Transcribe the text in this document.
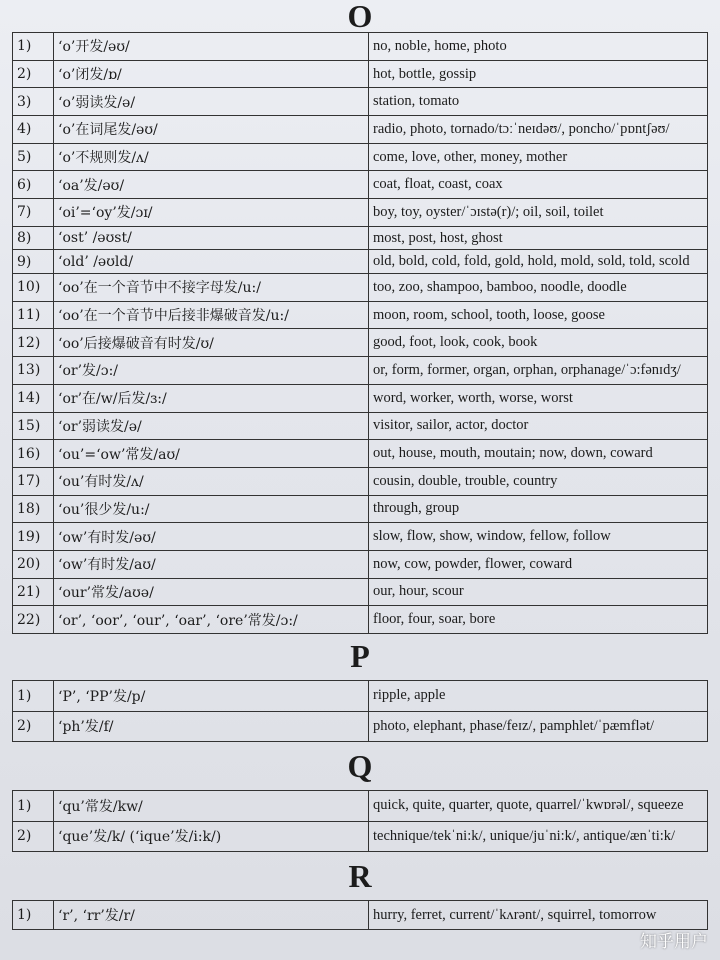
O
1)	‘o’开发/əʊ/	no, noble, home, photo
2)	‘o’闭发/ɒ/	hot, bottle, gossip
3)	‘o’弱读发/ə/	station, tomato
4)	‘o’在词尾发/əʊ/	radio, photo, tornado/tɔːˈneɪdəʊ/, poncho/ˈpɒntʃəʊ/
5)	‘o’不规则发/ʌ/	come, love, other, money, mother
6)	‘oa’发/əʊ/	coat, float, coast, coax
7)	‘oi’=‘oy’发/ɔɪ/	boy, toy, oyster/ˈɔɪstə(r)/; oil, soil, toilet
8)	‘ost’ /əʊst/	most, post, host, ghost
9)	‘old’ /əʊld/	old, bold, cold, fold, gold, hold, mold, sold, told, scold
10)	‘oo’在一个音节中不接字母发/u:/	too, zoo, shampoo, bamboo, noodle, doodle
11)	‘oo’在一个音节中后接非爆破音发/u:/	moon, room, school, tooth, loose, goose
12)	‘oo’后接爆破音有时发/ʊ/	good, foot, look, cook, book
13)	‘or’发/ɔ:/	or, form, former, organ, orphan, orphanage/ˈɔ:fənɪdʒ/
14)	‘or’在/w/后发/ɜ:/	word, worker, worth, worse, worst
15)	‘or’弱读发/ə/	visitor, sailor, actor, doctor
16)	‘ou’=‘ow’常发/aʊ/	out, house, mouth, moutain; now, down, coward
17)	‘ou’有时发/ʌ/	cousin, double, trouble, country
18)	‘ou’很少发/u:/	through, group
19)	‘ow’有时发/əʊ/	slow, flow, show, window, fellow, follow
20)	‘ow’有时发/aʊ/	now, cow, powder, flower, coward
21)	‘our’常发/aʊə/	our, hour, scour
22)	‘or’, ‘oor’, ‘our’, ‘oar’, ‘ore’常发/ɔ:/	floor, four, soar, bore
P
1)	‘P’, ‘PP’发/p/	ripple, apple
2)	‘ph’发/f/	photo, elephant, phase/feɪz/, pamphlet/ˈpæmflət/
Q
1)	‘qu’常发/kw/	quick, quite, quarter, quote, quarrel/ˈkwɒrəl/, squeeze
2)	‘que’发/k/ (‘ique’发/i:k/)	technique/tekˈni:k/, unique/juˈni:k/, antique/ænˈti:k/
R
1)	‘r’, ‘rr’发/r/	hurry, ferret, current/ˈkʌrənt/, squirrel, tomorrow
知乎用户
